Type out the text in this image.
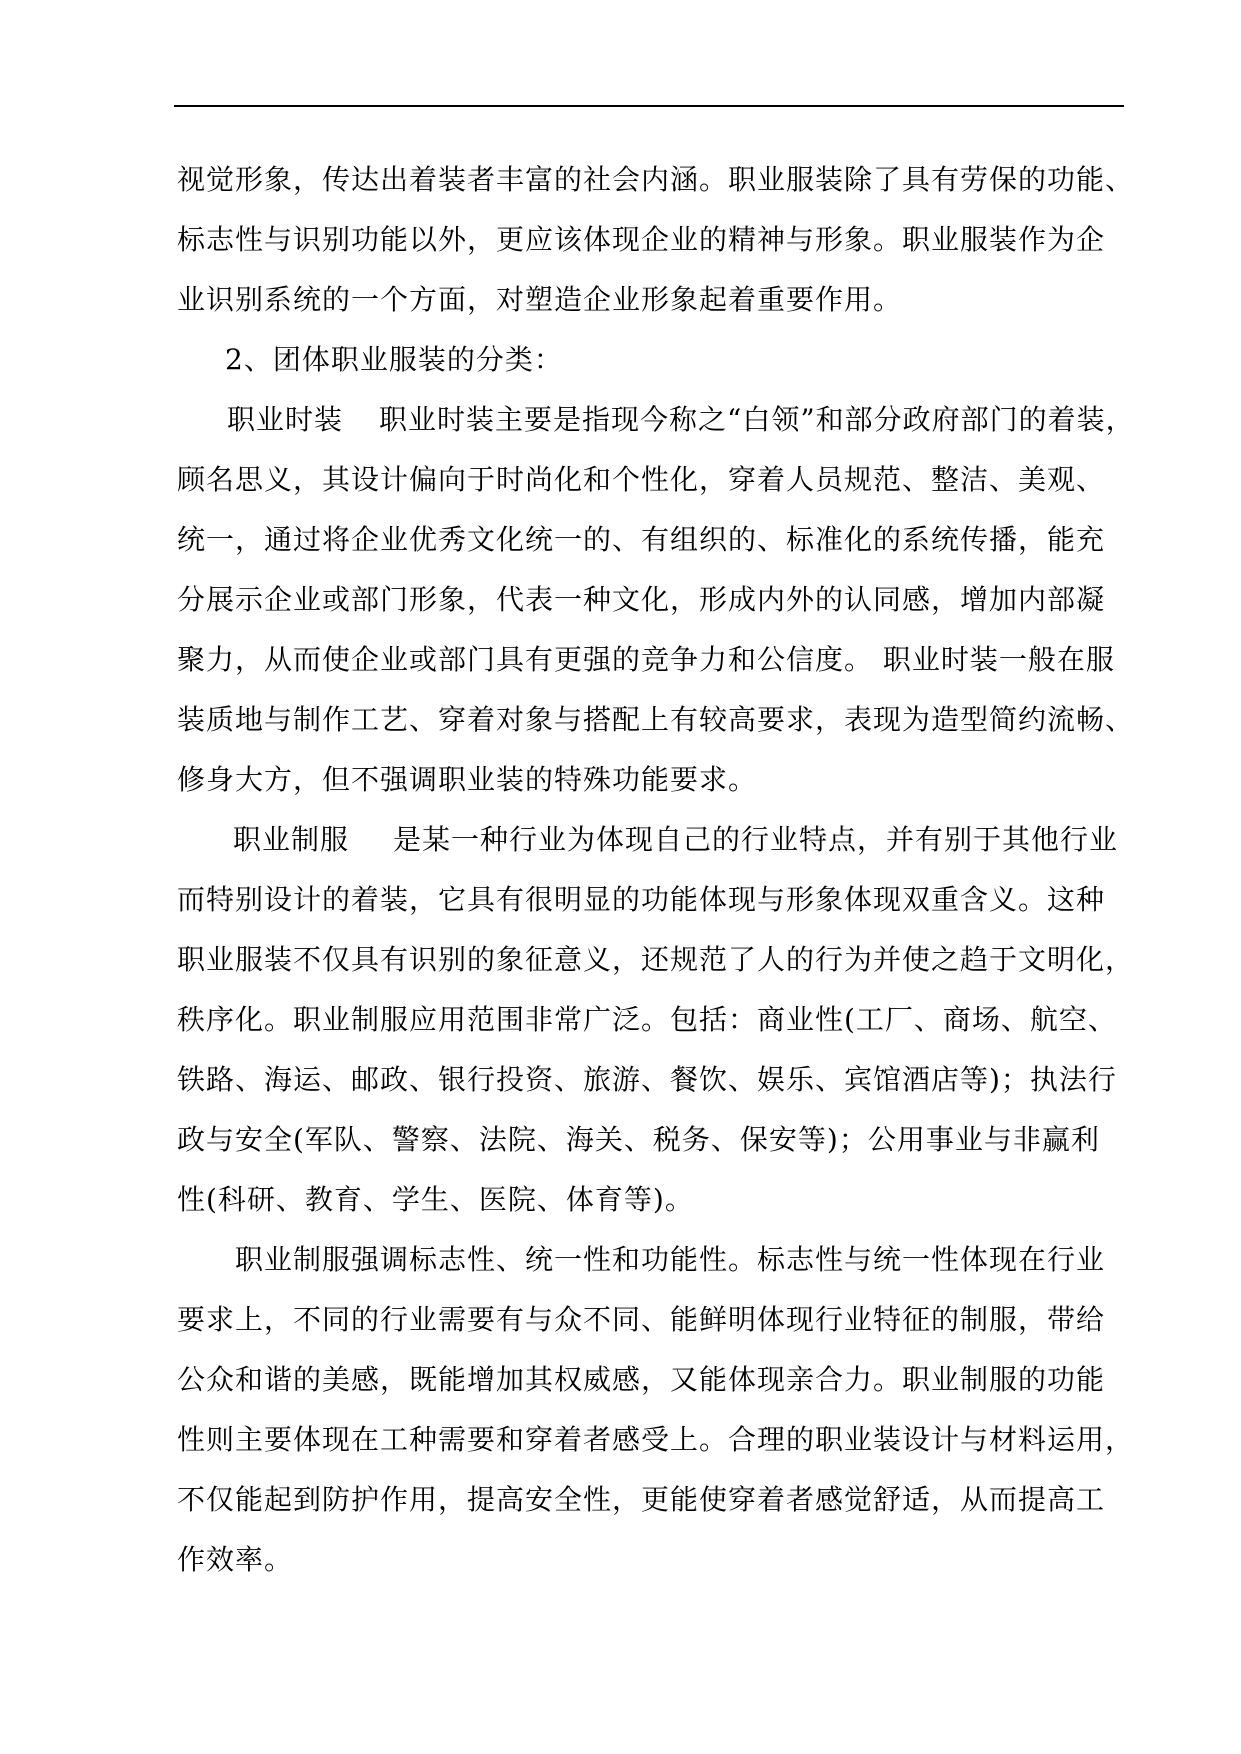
视觉形象，传达出着装者丰富的社会内涵。职业服装除了具有劳保的功能、
标志性与识别功能以外，更应该体现企业的精神与形象。职业服装作为企
业识别系统的一个方面，对塑造企业形象起着重要作用。
2、团体职业服装的分类：
职业时装 职业时装主要是指现今称之“白领”和部分政府部门的着装，
顾名思义，其设计偏向于时尚化和个性化，穿着人员规范、整洁、美观、
统一，通过将企业优秀文化统一的、有组织的、标准化的系统传播，能充
分展示企业或部门形象，代表一种文化，形成内外的认同感，增加内部凝
聚力，从而使企业或部门具有更强的竞争力和公信度。 职业时装一般在服
装质地与制作工艺、穿着对象与搭配上有较高要求，表现为造型简约流畅、
修身大方，但不强调职业装的特殊功能要求。
职业制服 是某一种行业为体现自己的行业特点，并有别于其他行业
而特别设计的着装，它具有很明显的功能体现与形象体现双重含义。这种
职业服装不仅具有识别的象征意义，还规范了人的行为并使之趋于文明化，
秩序化。职业制服应用范围非常广泛。包括：商业性(工厂、商场、航空、
铁路、海运、邮政、银行投资、旅游、餐饮、娱乐、宾馆酒店等)；执法行
政与安全(军队、警察、法院、海关、税务、保安等)；公用事业与非赢利
性(科研、教育、学生、医院、体育等)。
职业制服强调标志性、统一性和功能性。标志性与统一性体现在行业
要求上，不同的行业需要有与众不同、能鲜明体现行业特征的制服，带给
公众和谐的美感，既能增加其权威感，又能体现亲合力。职业制服的功能
性则主要体现在工种需要和穿着者感受上。合理的职业装设计与材料运用，
不仅能起到防护作用，提高安全性，更能使穿着者感觉舒适，从而提高工
作效率。
